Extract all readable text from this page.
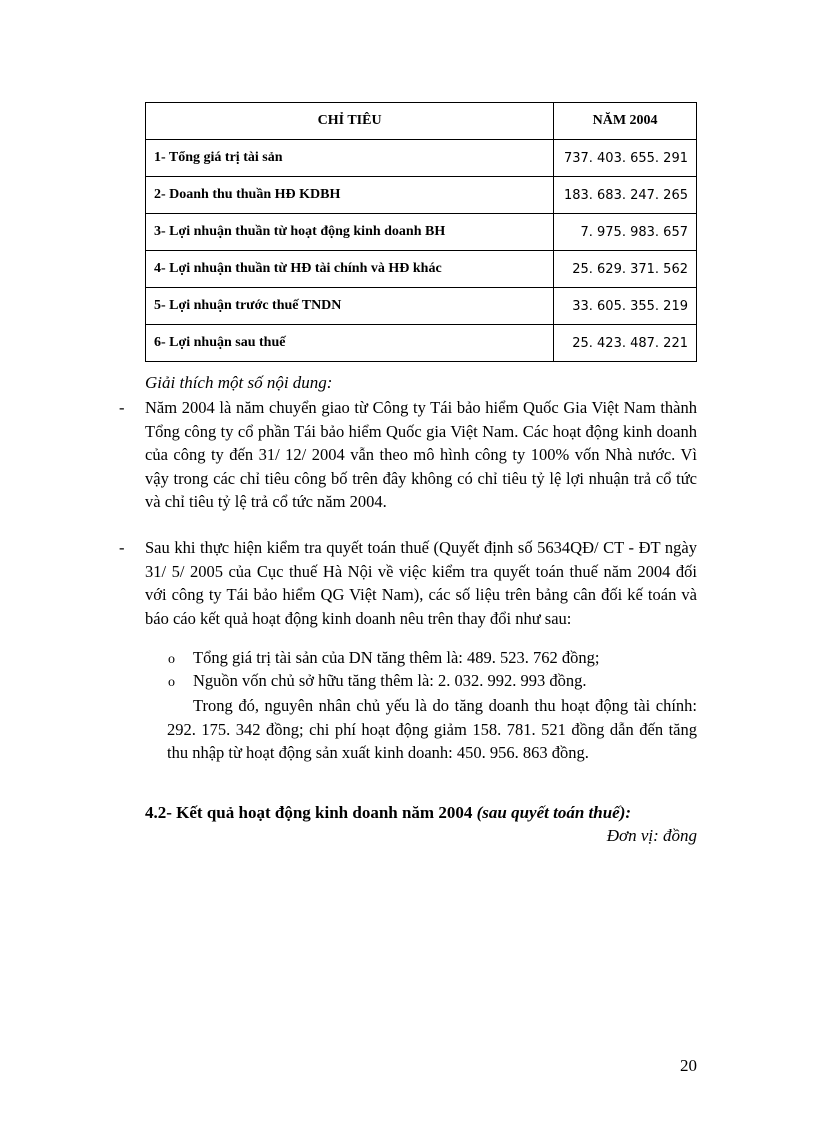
CHỈ TIÊU	NĂM 2004
1- Tổng giá trị tài sản	737. 403. 655. 291
2- Doanh thu thuần HĐ KDBH	183. 683. 247. 265
3- Lợi nhuận thuần từ hoạt động kinh doanh BH	7. 975. 983. 657
4- Lợi nhuận thuần từ HĐ tài chính và HĐ khác	25. 629. 371. 562
5- Lợi nhuận trước thuế TNDN	33. 605. 355. 219
6- Lợi nhuận sau thuế	25. 423. 487. 221
Giải thích một số nội dung:
- Năm 2004 là năm chuyển giao từ Công ty Tái bảo hiểm Quốc Gia Việt Nam thành Tổng công ty cổ phần Tái bảo hiểm Quốc gia Việt Nam. Các hoạt động kinh doanh của công ty đến 31/ 12/ 2004 vẫn theo mô hình công ty 100% vốn Nhà nước. Vì vậy trong các chỉ tiêu công bố trên đây không có chỉ tiêu tỷ lệ lợi nhuận trả cổ tức và chỉ tiêu tỷ lệ trả cổ tức năm 2004.
- Sau khi thực hiện kiểm tra quyết toán thuế (Quyết định số 5634QĐ/ CT - ĐT ngày 31/ 5/ 2005 của Cục thuế Hà Nội về việc kiểm tra quyết toán thuế năm 2004 đối với công ty Tái bảo hiểm QG Việt Nam), các số liệu trên bảng cân đối kế toán và báo cáo kết quả hoạt động kinh doanh nêu trên thay đổi như sau:
o Tổng giá trị tài sản của DN tăng thêm là: 489. 523. 762 đồng;
o Nguồn vốn chủ sở hữu tăng thêm là: 2. 032. 992. 993 đồng.
Trong đó, nguyên nhân chủ yếu là do tăng doanh thu hoạt động tài chính: 292. 175. 342 đồng; chi phí hoạt động giảm 158. 781. 521 đồng dẫn đến tăng thu nhập từ hoạt động sản xuất kinh doanh: 450. 956. 863 đồng.
4.2- Kết quả hoạt động kinh doanh năm 2004 (sau quyết toán thuế):
Đơn vị: đồng
20
